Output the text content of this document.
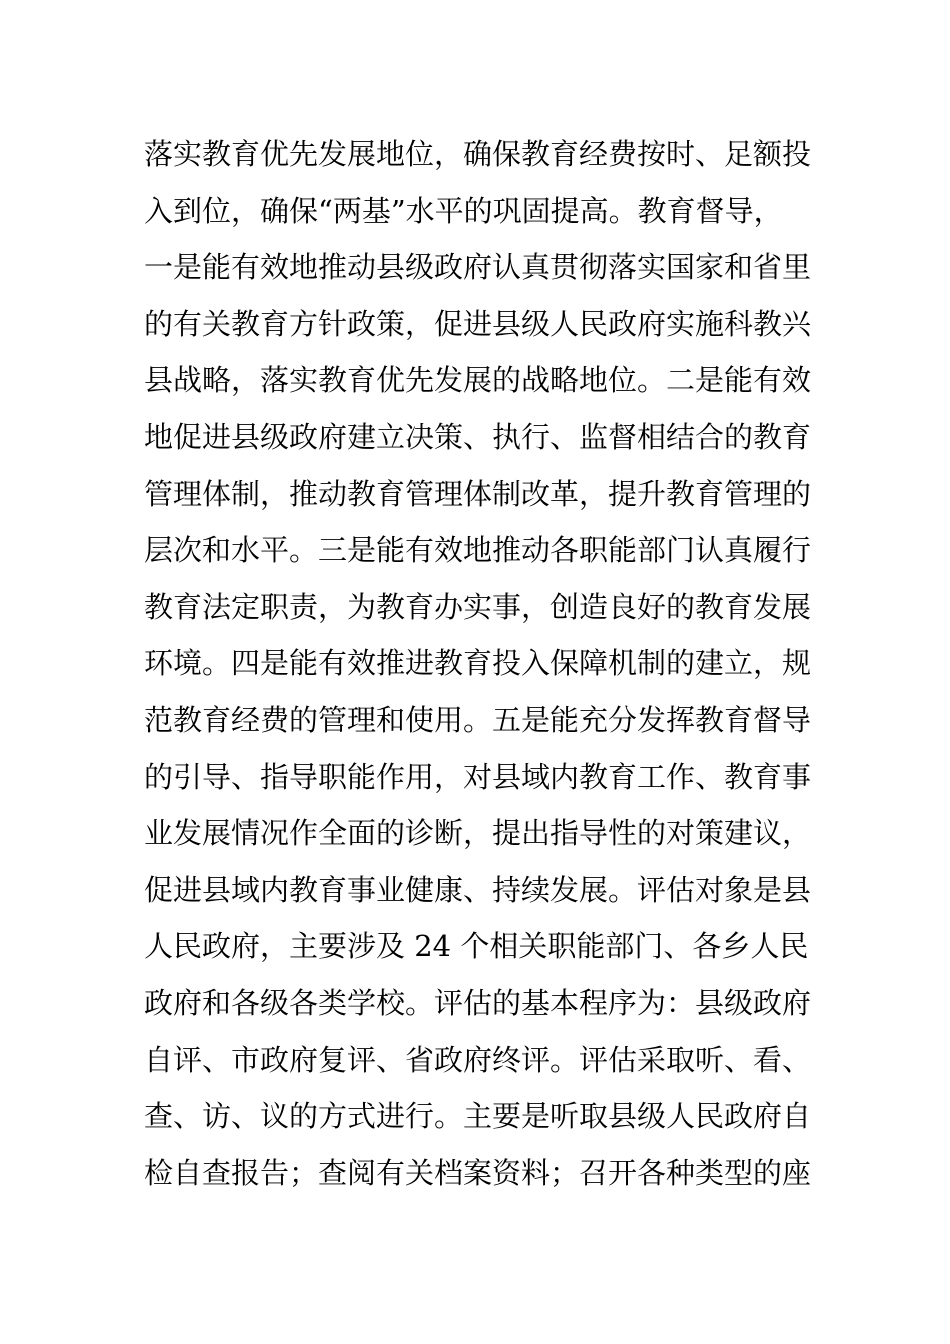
落实教育优先发展地位，确保教育经费按时、足额投
入到位，确保“两基”水平的巩固提高。教育督导，
一是能有效地推动县级政府认真贯彻落实国家和省里
的有关教育方针政策，促进县级人民政府实施科教兴
县战略，落实教育优先发展的战略地位。二是能有效
地促进县级政府建立决策、执行、监督相结合的教育
管理体制，推动教育管理体制改革，提升教育管理的
层次和水平。三是能有效地推动各职能部门认真履行
教育法定职责，为教育办实事，创造良好的教育发展
环境。四是能有效推进教育投入保障机制的建立，规
范教育经费的管理和使用。五是能充分发挥教育督导
的引导、指导职能作用，对县域内教育工作、教育事
业发展情况作全面的诊断，提出指导性的对策建议，
促进县域内教育事业健康、持续发展。评估对象是县
人民政府，主要涉及 24 个相关职能部门、各乡人民
政府和各级各类学校。评估的基本程序为：县级政府
自评、市政府复评、省政府终评。评估采取听、看、
查、访、议的方式进行。主要是听取县级人民政府自
检自查报告；查阅有关档案资料；召开各种类型的座
